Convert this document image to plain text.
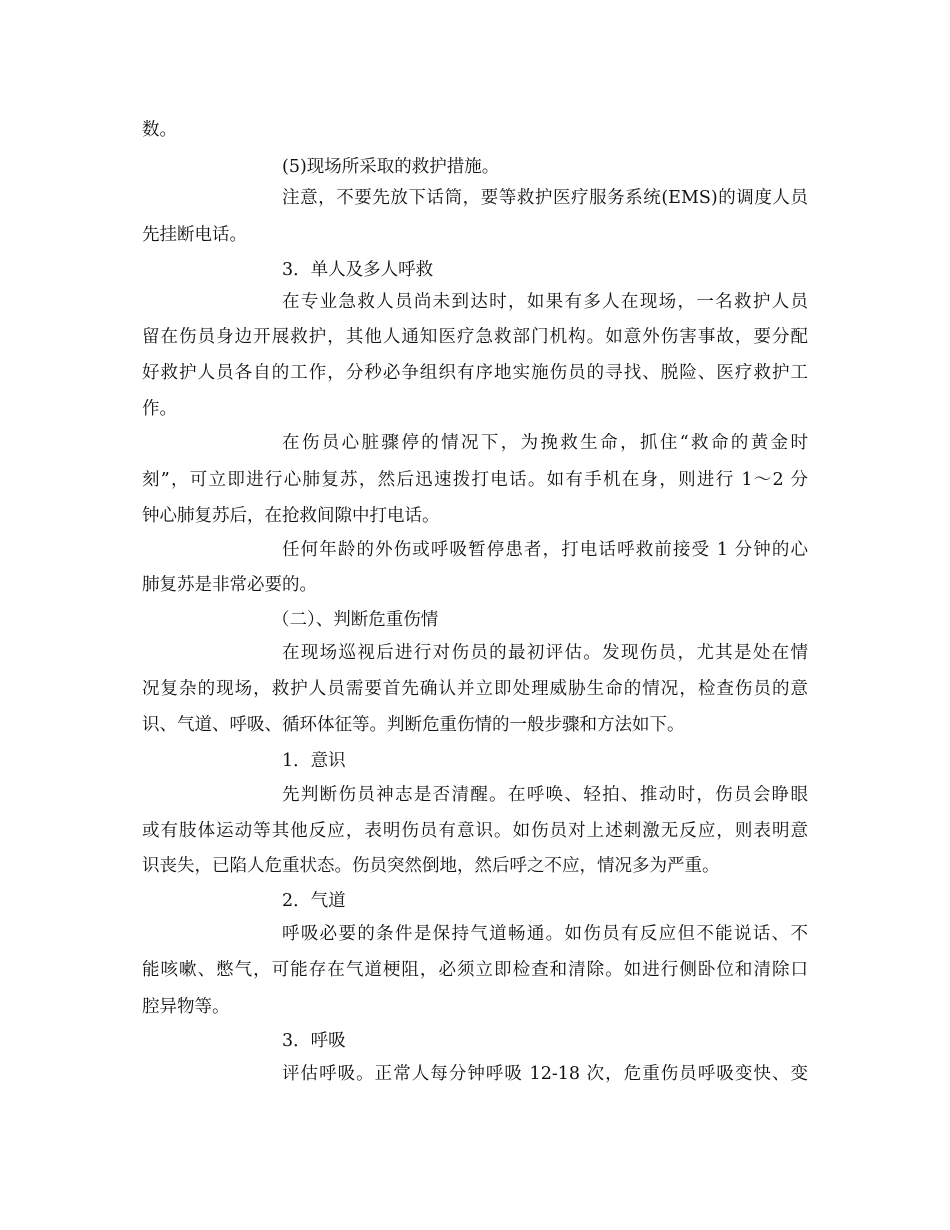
数。
(5)现场所采取的救护措施。
注意，不要先放下话筒，要等救护医疗服务系统(EMS)的调度人员
先挂断电话。
3．单人及多人呼救
在专业急救人员尚未到达时，如果有多人在现场，一名救护人员
留在伤员身边开展救护，其他人通知医疗急救部门机构。如意外伤害事故，要分配
好救护人员各自的工作，分秒必争组织有序地实施伤员的寻找、脱险、医疗救护工
作。
在伤员心脏骤停的情况下，为挽救生命，抓住“救命的黄金时
刻”，可立即进行心肺复苏，然后迅速拨打电话。如有手机在身，则进行 1～2 分
钟心肺复苏后，在抢救间隙中打电话。
任何年龄的外伤或呼吸暂停患者，打电话呼救前接受 1 分钟的心
肺复苏是非常必要的。
（二）、判断危重伤情
在现场巡视后进行对伤员的最初评估。发现伤员，尤其是处在情
况复杂的现场，救护人员需要首先确认并立即处理威胁生命的情况，检查伤员的意
识、气道、呼吸、循环体征等。判断危重伤情的一般步骤和方法如下。
1．意识
先判断伤员神志是否清醒。在呼唤、轻拍、推动时，伤员会睁眼
或有肢体运动等其他反应，表明伤员有意识。如伤员对上述刺激无反应，则表明意
识丧失，已陷人危重状态。伤员突然倒地，然后呼之不应，情况多为严重。
2．气道
呼吸必要的条件是保持气道畅通。如伤员有反应但不能说话、不
能咳嗽、憋气，可能存在气道梗阻，必须立即检查和清除。如进行侧卧位和清除口
腔异物等。
3．呼吸
评估呼吸。正常人每分钟呼吸 12-18 次，危重伤员呼吸变快、变
